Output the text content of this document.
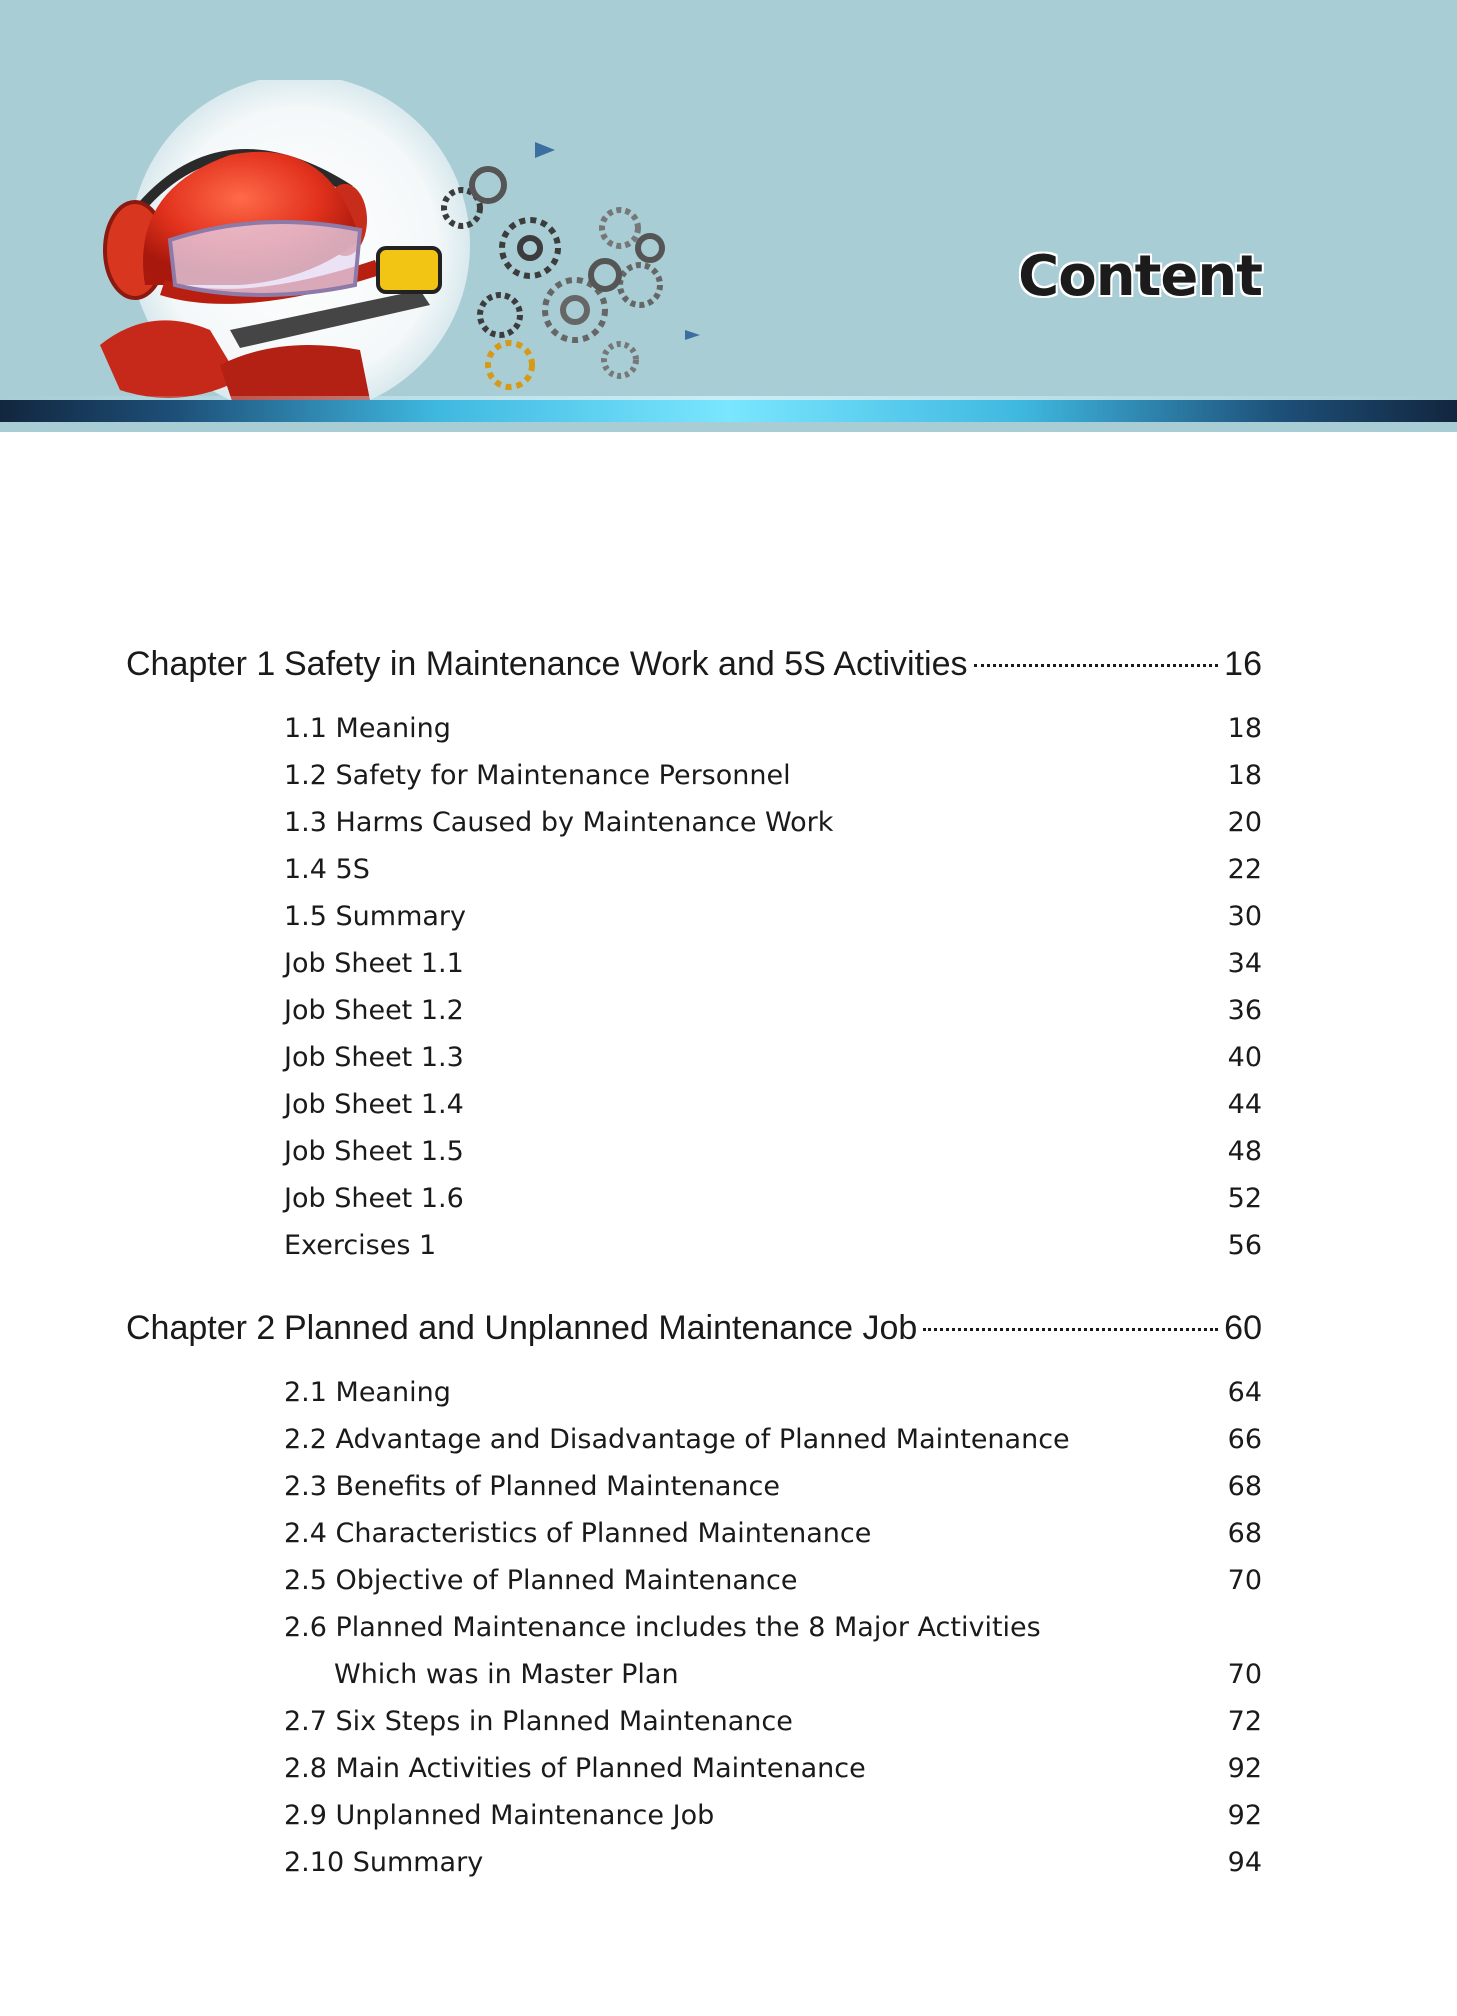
Content
Chapter 1 Safety in Maintenance Work and 5S Activities	16
1.1 Meaning	18
1.2 Safety for Maintenance Personnel	18
1.3 Harms Caused by Maintenance Work	20
1.4 5S	22
1.5 Summary	30
Job Sheet 1.1	34
Job Sheet 1.2	36
Job Sheet 1.3	40
Job Sheet 1.4	44
Job Sheet 1.5	48
Job Sheet 1.6	52
Exercises 1	56
Chapter 2 Planned and Unplanned Maintenance Job	60
2.1 Meaning	64
2.2 Advantage and Disadvantage of Planned Maintenance	66
2.3 Benefits of Planned Maintenance	68
2.4 Characteristics of Planned Maintenance	68
2.5 Objective of Planned Maintenance	70
2.6 Planned Maintenance includes the 8 Major Activities
Which was in Master Plan	70
2.7 Six Steps in Planned Maintenance	72
2.8 Main Activities of Planned Maintenance	92
2.9 Unplanned Maintenance Job	92
2.10 Summary	94
